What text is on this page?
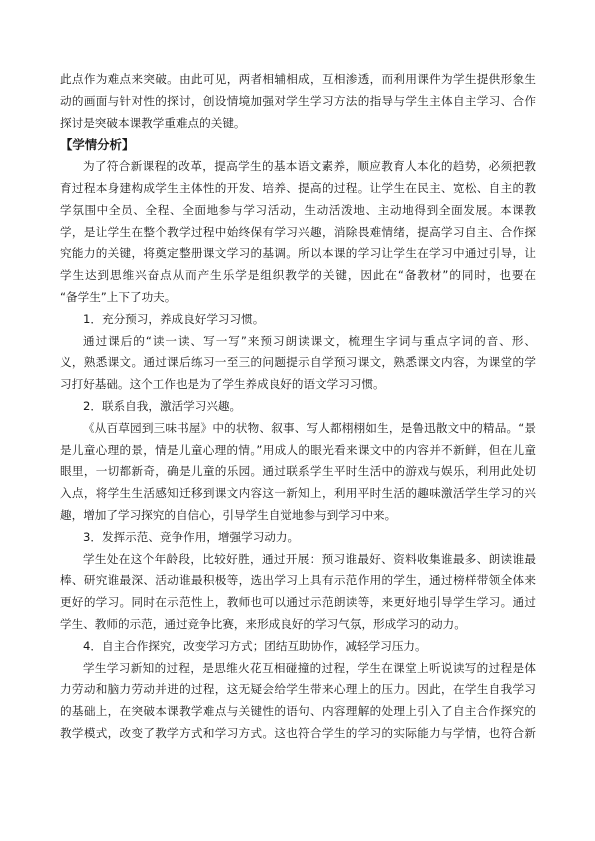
此点作为难点来突破。由此可见，两者相辅相成，互相渗透，而利用课件为学生提供形象生
动的画面与针对性的探讨，创设情境加强对学生学习方法的指导与学生主体自主学习、合作
探讨是突破本课教学重难点的关键。
【学情分析】
为了符合新课程的改革，提高学生的基本语文素养，顺应教育人本化的趋势，必须把教
育过程本身建构成学生主体性的开发、培养、提高的过程。让学生在民主、宽松、自主的教
学氛围中全员、全程、全面地参与学习活动，生动活泼地、主动地得到全面发展。本课教
学，是让学生在整个教学过程中始终保有学习兴趣，消除畏难情绪，提高学习自主、合作探
究能力的关键，将奠定整册课文学习的基调。所以本课的学习让学生在学习中通过引导，让
学生达到思维兴奋点从而产生乐学是组织教学的关键，因此在“备教材”的同时，也要在
“备学生”上下了功夫。
1．充分预习，养成良好学习习惯。
通过课后的“读一读、写一写”来预习朗读课文，梳理生字词与重点字词的音、形、
义，熟悉课文。通过课后练习一至三的问题提示自学预习课文，熟悉课文内容，为课堂的学
习打好基础。这个工作也是为了学生养成良好的语文学习习惯。
2．联系自我，激活学习兴趣。
《从百草园到三味书屋》中的状物、叙事、写人都栩栩如生，是鲁迅散文中的精品。“景
是儿童心理的景，情是儿童心理的情。”用成人的眼光看来课文中的内容并不新鲜，但在儿童
眼里，一切都新奇，确是儿童的乐园。通过联系学生平时生活中的游戏与娱乐，利用此处切
入点，将学生生活感知迁移到课文内容这一新知上，利用平时生活的趣味激活学生学习的兴
趣，增加了学习探究的自信心，引导学生自觉地参与到学习中来。
3．发挥示范、竞争作用，增强学习动力。
学生处在这个年龄段，比较好胜，通过开展：预习谁最好、资料收集谁最多、朗读谁最
棒、研究谁最深、活动谁最积极等，选出学习上具有示范作用的学生，通过榜样带领全体来
更好的学习。同时在示范性上，教师也可以通过示范朗读等，来更好地引导学生学习。通过
学生、教师的示范，通过竞争比赛，来形成良好的学习气氛，形成学习的动力。
4．自主合作探究，改变学习方式；团结互助协作，减轻学习压力。
学生学习新知的过程，是思维火花互相碰撞的过程，学生在课堂上听说读写的过程是体
力劳动和脑力劳动并进的过程，这无疑会给学生带来心理上的压力。因此，在学生自我学习
的基础上，在突破本课教学难点与关键性的语句、内容理解的处理上引入了自主合作探究的
教学模式，改变了教学方式和学习方式。这也符合学生的学习的实际能力与学情，也符合新
